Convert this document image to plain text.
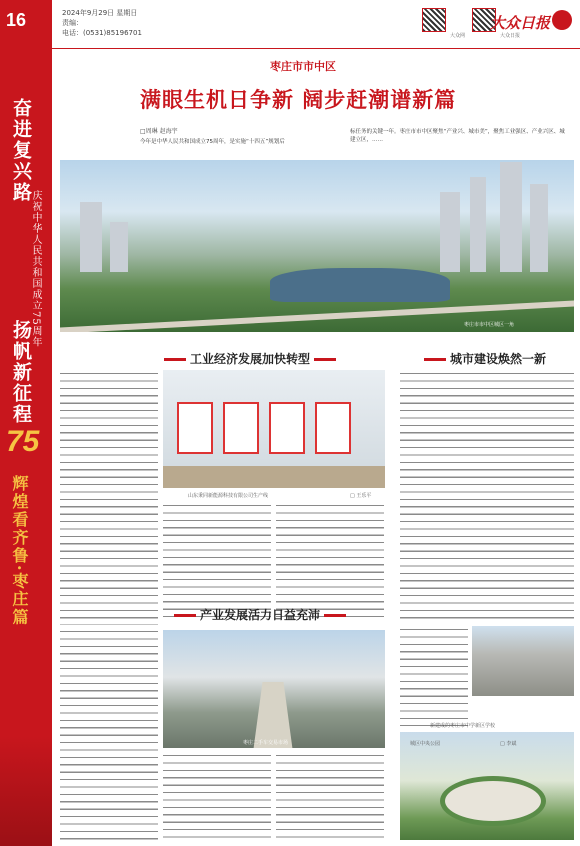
16
奋进复兴路
庆祝中华人民共和国成立75周年
扬帆新征程
75
辉煌看齐鲁·枣庄篇
2024年9月29日 星期日
责编：
电话：(0531)85196701	大众网	大众日报
大众日报
枣庄市市中区
满眼生机日争新 阔步赶潮谱新篇
□周琳 赵海宇
今年是中华人民共和国成立75周年，是实施“十四五”规划后
标任务的关键一年。枣庄市市中区聚焦“产业兴、城市美”，聚焦工业强区、产业兴区、城建立区，……
枣庄市市中区城区一角
工业经济发展加快转型	城市建设焕然一新
山东秉同新能源科技有限公司生产线	□ 王乐平
产业发展活力日益充沛
枣庄二手车交易市场
新建成的枣庄市中学新区学校
城区中央公园	□ 李斌
